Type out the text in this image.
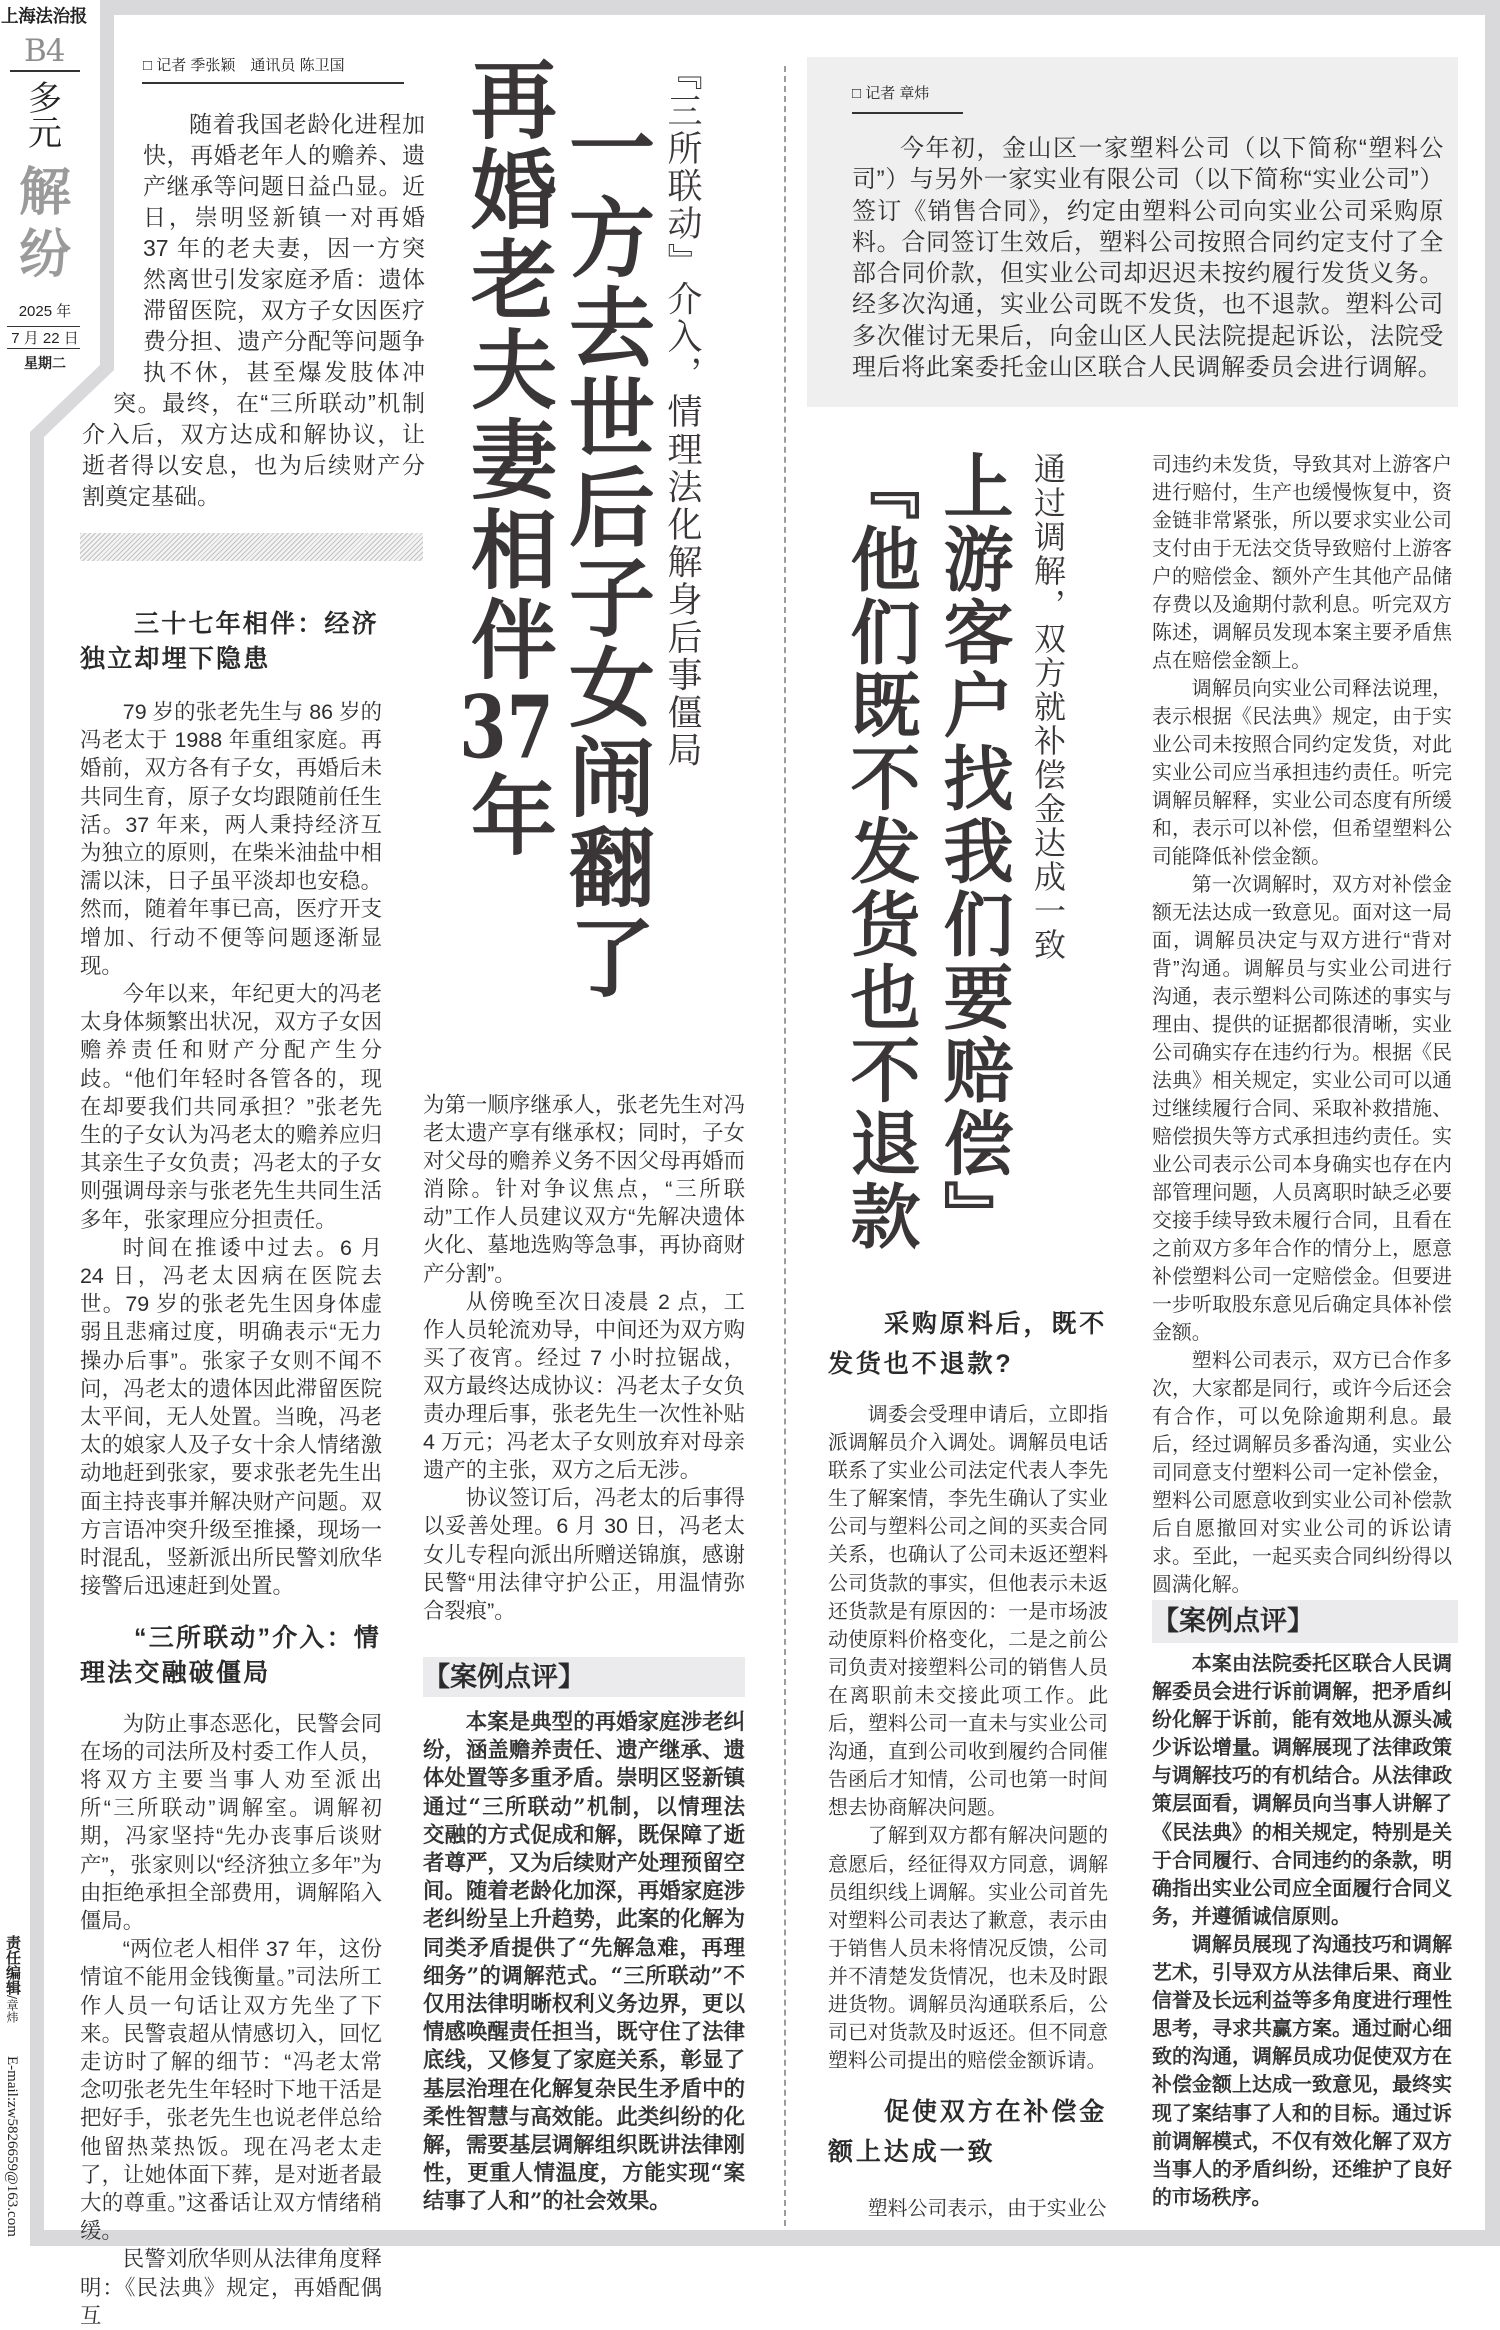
上海法治报
B4
多
元
解
纷
2025 年
7 月 22 日
星期二
责任编辑/章炜
E-mail:zw5826659@163.com
□ 记者 季张颖　通讯员 陈卫国

随着我国老龄化进程加快，再婚老年人的赡养、遗产继承等问题日益凸显。近日，崇明竖新镇一对再婚 37 年的老夫妻，因一方突然离世引发家庭矛盾：遗体滞留医院，双方子女因医疗费分担、遗产分配等问题争执不休，甚至爆发肢体冲突。最终，在“三所联动”机制介入后，双方达成和解协议，让逝者得以安息，也为后续财产分割奠定基础。	再婚老夫妻相伴37年
一方去世后子女闹翻了 『三所联动』介入，情理法化解身后事僵局
三十七年相伴：经济独立却埋下隐患

79 岁的张老先生与 86 岁的冯老太于 1988 年重组家庭。再婚前，双方各有子女，再婚后未共同生育，原子女均跟随前任生活。37 年来，两人秉持经济互为独立的原则，在柴米油盐中相濡以沫，日子虽平淡却也安稳。然而，随着年事已高，医疗开支增加、行动不便等问题逐渐显现。

今年以来，年纪更大的冯老太身体频繁出状况，双方子女因赡养责任和财产分配产生分歧。“他们年轻时各管各的，现在却要我们共同承担？”张老先生的子女认为冯老太的赡养应归其亲生子女负责；冯老太的子女则强调母亲与张老先生共同生活多年，张家理应分担责任。

时间在推诿中过去。6 月 24 日，冯老太因病在医院去世。79 岁的张老先生因身体虚弱且悲痛过度，明确表示“无力操办后事”。张家子女则不闻不问，冯老太的遗体因此滞留医院太平间，无人处置。当晚，冯老太的娘家人及子女十余人情绪激动地赶到张家，要求张老先生出面主持丧事并解决财产问题。双方言语冲突升级至推搡，现场一时混乱，竖新派出所民警刘欣华接警后迅速赶到处置。

“三所联动”介入：情理法交融破僵局

为防止事态恶化，民警会同在场的司法所及村委工作人员，将双方主要当事人劝至派出所“三所联动”调解室。调解初期，冯家坚持“先办丧事后谈财产”，张家则以“经济独立多年”为由拒绝承担全部费用，调解陷入僵局。

“两位老人相伴 37 年，这份情谊不能用金钱衡量。”司法所工作人员一句话让双方先坐了下来。民警袁超从情感切入，回忆走访时了解的细节：“冯老太常念叨张老先生年轻时下地干活是把好手，张老先生也说老伴总给他留热菜热饭。现在冯老太走了，让她体面下葬，是对逝者最大的尊重。”这番话让双方情绪稍缓。

民警刘欣华则从法律角度释明：《民法典》规定，再婚配偶互

为第一顺序继承人，张老先生对冯老太遗产享有继承权；同时，子女对父母的赡养义务不因父母再婚而消除。针对争议焦点，“三所联动”工作人员建议双方“先解决遗体火化、墓地选购等急事，再协商财产分割”。

从傍晚至次日凌晨 2 点，工作人员轮流劝导，中间还为双方购买了夜宵。经过 7 小时拉锯战，双方最终达成协议：冯老太子女负责办理后事，张老先生一次性补贴 4 万元；冯老太子女则放弃对母亲遗产的主张，双方之后无涉。

协议签订后，冯老太的后事得以妥善处理。6 月 30 日，冯老太女儿专程向派出所赠送锦旗，感谢民警“用法律守护公正，用温情弥合裂痕”。

【案例点评】

本案是典型的再婚家庭涉老纠纷，涵盖赡养责任、遗产继承、遗体处置等多重矛盾。崇明区竖新镇通过“三所联动”机制，以情理法交融的方式促成和解，既保障了逝者尊严，又为后续财产处理预留空间。随着老龄化加深，再婚家庭涉老纠纷呈上升趋势，此案的化解为同类矛盾提供了“先解急难，再理细务”的调解范式。“三所联动”不仅用法律明晰权利义务边界，更以情感唤醒责任担当，既守住了法律底线，又修复了家庭关系，彰显了基层治理在化解复杂民生矛盾中的柔性智慧与高效能。此类纠纷的化解，需要基层调解组织既讲法律刚性，更重人情温度，方能实现“案结事了人和”的社会效果。

□ 记者 章炜

今年初，金山区一家塑料公司（以下简称“塑料公司”）与另外一家实业有限公司（以下简称“实业公司”）签订《销售合同》，约定由塑料公司向实业公司采购原料。合同签订生效后，塑料公司按照合同约定支付了全部合同价款，但实业公司却迟迟未按约履行发货义务。经多次沟通，实业公司既不发货，也不退款。塑料公司多次催讨无果后，向金山区人民法院提起诉讼，法院受理后将此案委托金山区联合人民调解委员会进行调解。

『他们既不发货也不退款 上游客户找我们要赔偿』 通过调解，双方就补偿金达成一致
采购原料后，既不发货也不退款?

调委会受理申请后，立即指派调解员介入调处。调解员电话联系了实业公司法定代表人李先生了解案情，李先生确认了实业公司与塑料公司之间的买卖合同关系，也确认了公司未返还塑料公司货款的事实，但他表示未返还货款是有原因的：一是市场波动使原料价格变化，二是之前公司负责对接塑料公司的销售人员在离职前未交接此项工作。此后，塑料公司一直未与实业公司沟通，直到公司收到履约合同催告函后才知情，公司也第一时间想去协商解决问题。

了解到双方都有解决问题的意愿后，经征得双方同意，调解员组织线上调解。实业公司首先对塑料公司表达了歉意，表示由于销售人员未将情况反馈，公司并不清楚发货情况，也未及时跟进货物。调解员沟通联系后，公司已对货款及时返还。但不同意塑料公司提出的赔偿金额诉请。

促使双方在补偿金额上达成一致

塑料公司表示，由于实业公

司违约未发货，导致其对上游客户进行赔付，生产也缓慢恢复中，资金链非常紧张，所以要求实业公司支付由于无法交货导致赔付上游客户的赔偿金、额外产生其他产品储存费以及逾期付款利息。听完双方陈述，调解员发现本案主要矛盾焦点在赔偿金额上。

调解员向实业公司释法说理，表示根据《民法典》规定，由于实业公司未按照合同约定发货，对此实业公司应当承担违约责任。听完调解员解释，实业公司态度有所缓和，表示可以补偿，但希望塑料公司能降低补偿金额。

第一次调解时，双方对补偿金额无法达成一致意见。面对这一局面，调解员决定与双方进行“背对背”沟通。调解员与实业公司进行沟通，表示塑料公司陈述的事实与理由、提供的证据都很清晰，实业公司确实存在违约行为。根据《民法典》相关规定，实业公司可以通过继续履行合同、采取补救措施、赔偿损失等方式承担违约责任。实业公司表示公司本身确实也存在内部管理问题，人员离职时缺乏必要交接手续导致未履行合同，且看在之前双方多年合作的情分上，愿意补偿塑料公司一定赔偿金。但要进一步听取股东意见后确定具体补偿金额。

塑料公司表示，双方已合作多次，大家都是同行，或许今后还会有合作，可以免除逾期利息。最后，经过调解员多番沟通，实业公司同意支付塑料公司一定补偿金，塑料公司愿意收到实业公司补偿款后自愿撤回对实业公司的诉讼请求。至此，一起买卖合同纠纷得以圆满化解。

【案例点评】

本案由法院委托区联合人民调解委员会进行诉前调解，把矛盾纠纷化解于诉前，能有效地从源头减少诉讼增量。调解展现了法律政策与调解技巧的有机结合。从法律政策层面看，调解员向当事人讲解了《民法典》的相关规定，特别是关于合同履行、合同违约的条款，明确指出实业公司应全面履行合同义务，并遵循诚信原则。

调解员展现了沟通技巧和调解艺术，引导双方从法律后果、商业信誉及长远利益等多角度进行理性思考，寻求共赢方案。通过耐心细致的沟通，调解员成功促使双方在补偿金额上达成一致意见，最终实现了案结事了人和的目标。通过诉前调解模式，不仅有效化解了双方当事人的矛盾纠纷，还维护了良好的市场秩序。
